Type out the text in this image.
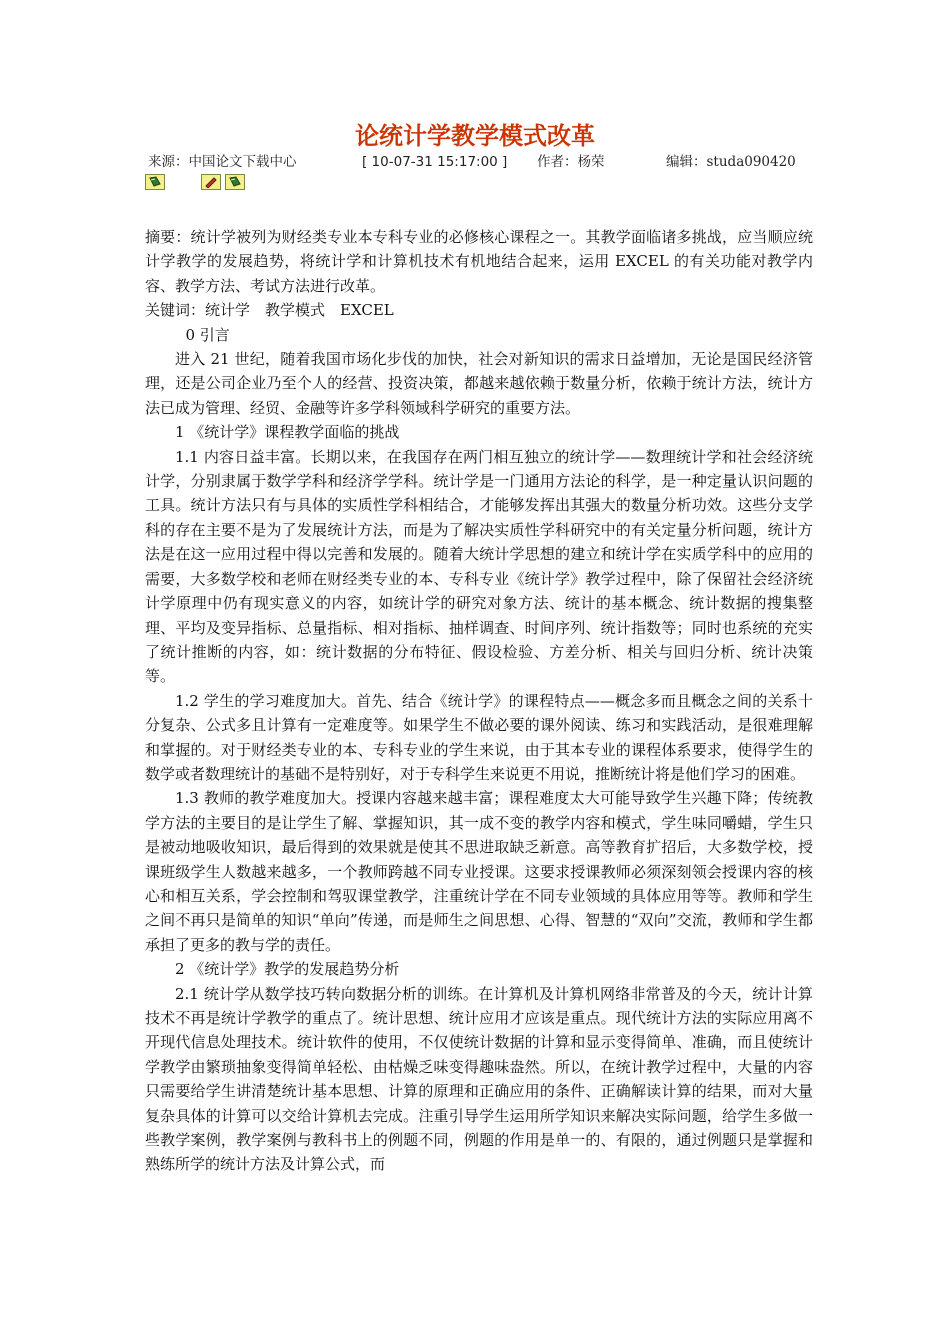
论统计学教学模式改革
来源：中国论文下载中心	[ 10-07-31 15:17:00 ] 作者：杨荣	编辑：studa090420

摘要：统计学被列为财经类专业本专科专业的必修核心课程之一。其教学面临诸多挑战，应当顺应统计学教学的发展趋势，将统计学和计算机技术有机地结合起来，运用 EXCEL 的有关功能对教学内容、教学方法、考试方法进行改革。

关键词：统计学　教学模式　EXCEL

0 引言

进入 21 世纪，随着我国市场化步伐的加快，社会对新知识的需求日益增加，无论是国民经济管理，还是公司企业乃至个人的经营、投资决策，都越来越依赖于数量分析，依赖于统计方法，统计方法已成为管理、经贸、金融等许多学科领域科学研究的重要方法。

1 《统计学》课程教学面临的挑战

1.1 内容日益丰富。长期以来，在我国存在两门相互独立的统计学——数理统计学和社会经济统计学，分别隶属于数学学科和经济学学科。统计学是一门通用方法论的科学，是一种定量认识问题的工具。统计方法只有与具体的实质性学科相结合，才能够发挥出其强大的数量分析功效。这些分支学科的存在主要不是为了发展统计方法，而是为了解决实质性学科研究中的有关定量分析问题，统计方法是在这一应用过程中得以完善和发展的。随着大统计学思想的建立和统计学在实质学科中的应用的需要，大多数学校和老师在财经类专业的本、专科专业《统计学》教学过程中，除了保留社会经济统计学原理中仍有现实意义的内容，如统计学的研究对象方法、统计的基本概念、统计数据的搜集整理、平均及变异指标、总量指标、相对指标、抽样调查、时间序列、统计指数等；同时也系统的充实了统计推断的内容，如：统计数据的分布特征、假设检验、方差分析、相关与回归分析、统计决策等。

1.2 学生的学习难度加大。首先、结合《统计学》的课程特点——概念多而且概念之间的关系十分复杂、公式多且计算有一定难度等。如果学生不做必要的课外阅读、练习和实践活动，是很难理解和掌握的。对于财经类专业的本、专科专业的学生来说，由于其本专业的课程体系要求，使得学生的数学或者数理统计的基础不是特别好，对于专科学生来说更不用说，推断统计将是他们学习的困难。

1.3 教师的教学难度加大。授课内容越来越丰富；课程难度太大可能导致学生兴趣下降；传统教学方法的主要目的是让学生了解、掌握知识，其一成不变的教学内容和模式，学生味同嚼蜡，学生只是被动地吸收知识，最后得到的效果就是使其不思进取缺乏新意。高等教育扩招后，大多数学校，授课班级学生人数越来越多，一个教师跨越不同专业授课。这要求授课教师必须深刻领会授课内容的核心和相互关系，学会控制和驾驭课堂教学，注重统计学在不同专业领域的具体应用等等。教师和学生之间不再只是简单的知识“单向”传递，而是师生之间思想、心得、智慧的“双向”交流，教师和学生都承担了更多的教与学的责任。

2 《统计学》教学的发展趋势分析

2.1 统计学从数学技巧转向数据分析的训练。在计算机及计算机网络非常普及的今天，统计计算技术不再是统计学教学的重点了。统计思想、统计应用才应该是重点。现代统计方法的实际应用离不开现代信息处理技术。统计软件的使用，不仅使统计数据的计算和显示变得简单、准确，而且使统计学教学由繁琐抽象变得简单轻松、由枯燥乏味变得趣味盎然。所以，在统计教学过程中，大量的内容只需要给学生讲清楚统计基本思想、计算的原理和正确应用的条件、正确解读计算的结果，而对大量复杂具体的计算可以交给计算机去完成。注重引导学生运用所学知识来解决实际问题，给学生多做一些教学案例，教学案例与教科书上的例题不同，例题的作用是单一的、有限的，通过例题只是掌握和熟练所学的统计方法及计算公式，而
